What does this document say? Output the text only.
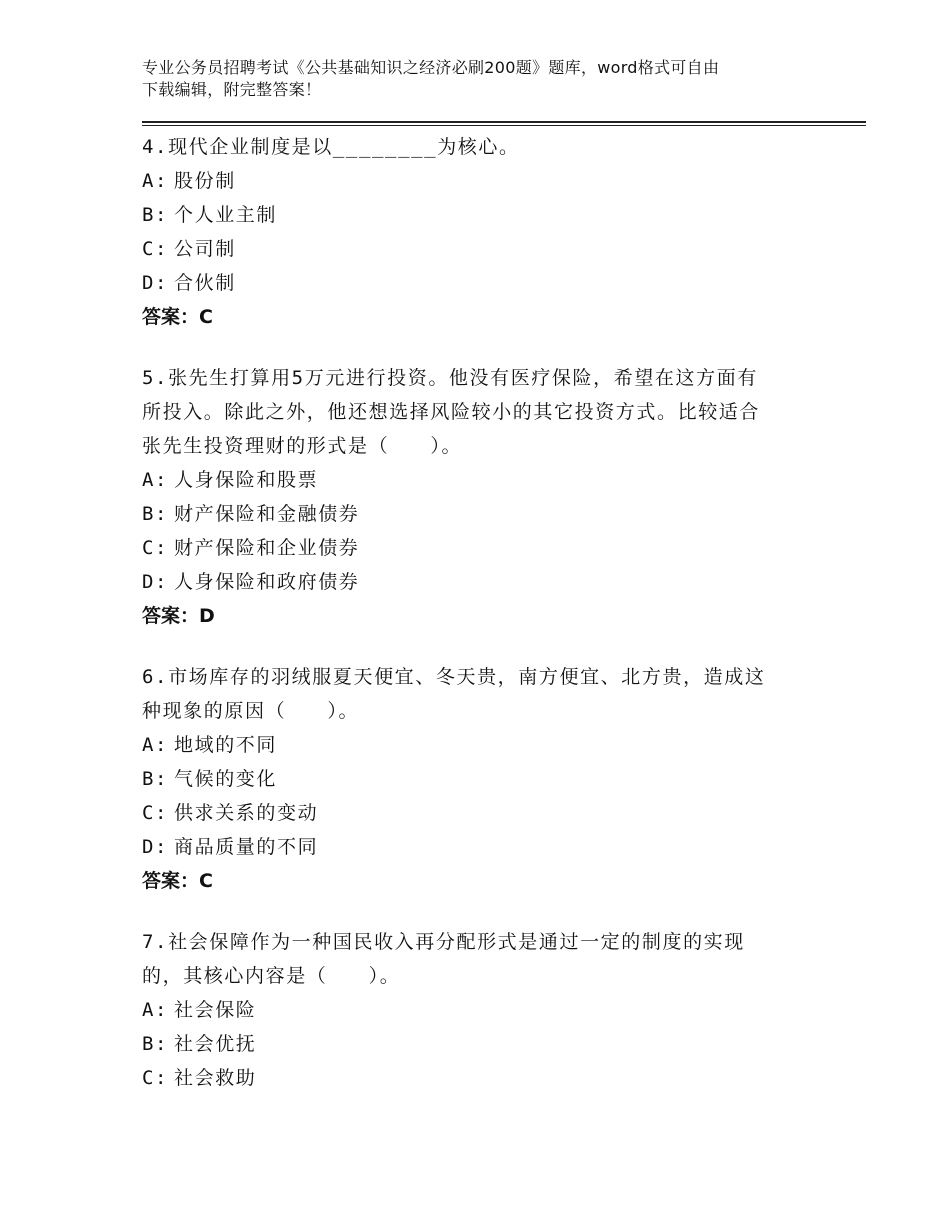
专业公务员招聘考试《公共基础知识之经济必刷200题》题库，word格式可自由
下载编辑，附完整答案！
4.现代企业制度是以________为核心。
A: 股份制
B: 个人业主制
C: 公司制
D: 合伙制
答案：C
5.张先生打算用5万元进行投资。他没有医疗保险，希望在这方面有
所投入。除此之外，他还想选择风险较小的其它投资方式。比较适合
张先生投资理财的形式是（　　）。
A: 人身保险和股票
B: 财产保险和金融债券
C: 财产保险和企业债券
D: 人身保险和政府债券
答案：D
6.市场库存的羽绒服夏天便宜、冬天贵，南方便宜、北方贵，造成这
种现象的原因（　　）。
A: 地域的不同
B: 气候的变化
C: 供求关系的变动
D: 商品质量的不同
答案：C
7.社会保障作为一种国民收入再分配形式是通过一定的制度的实现
的，其核心内容是（　　）。
A: 社会保险
B: 社会优抚
C: 社会救助
